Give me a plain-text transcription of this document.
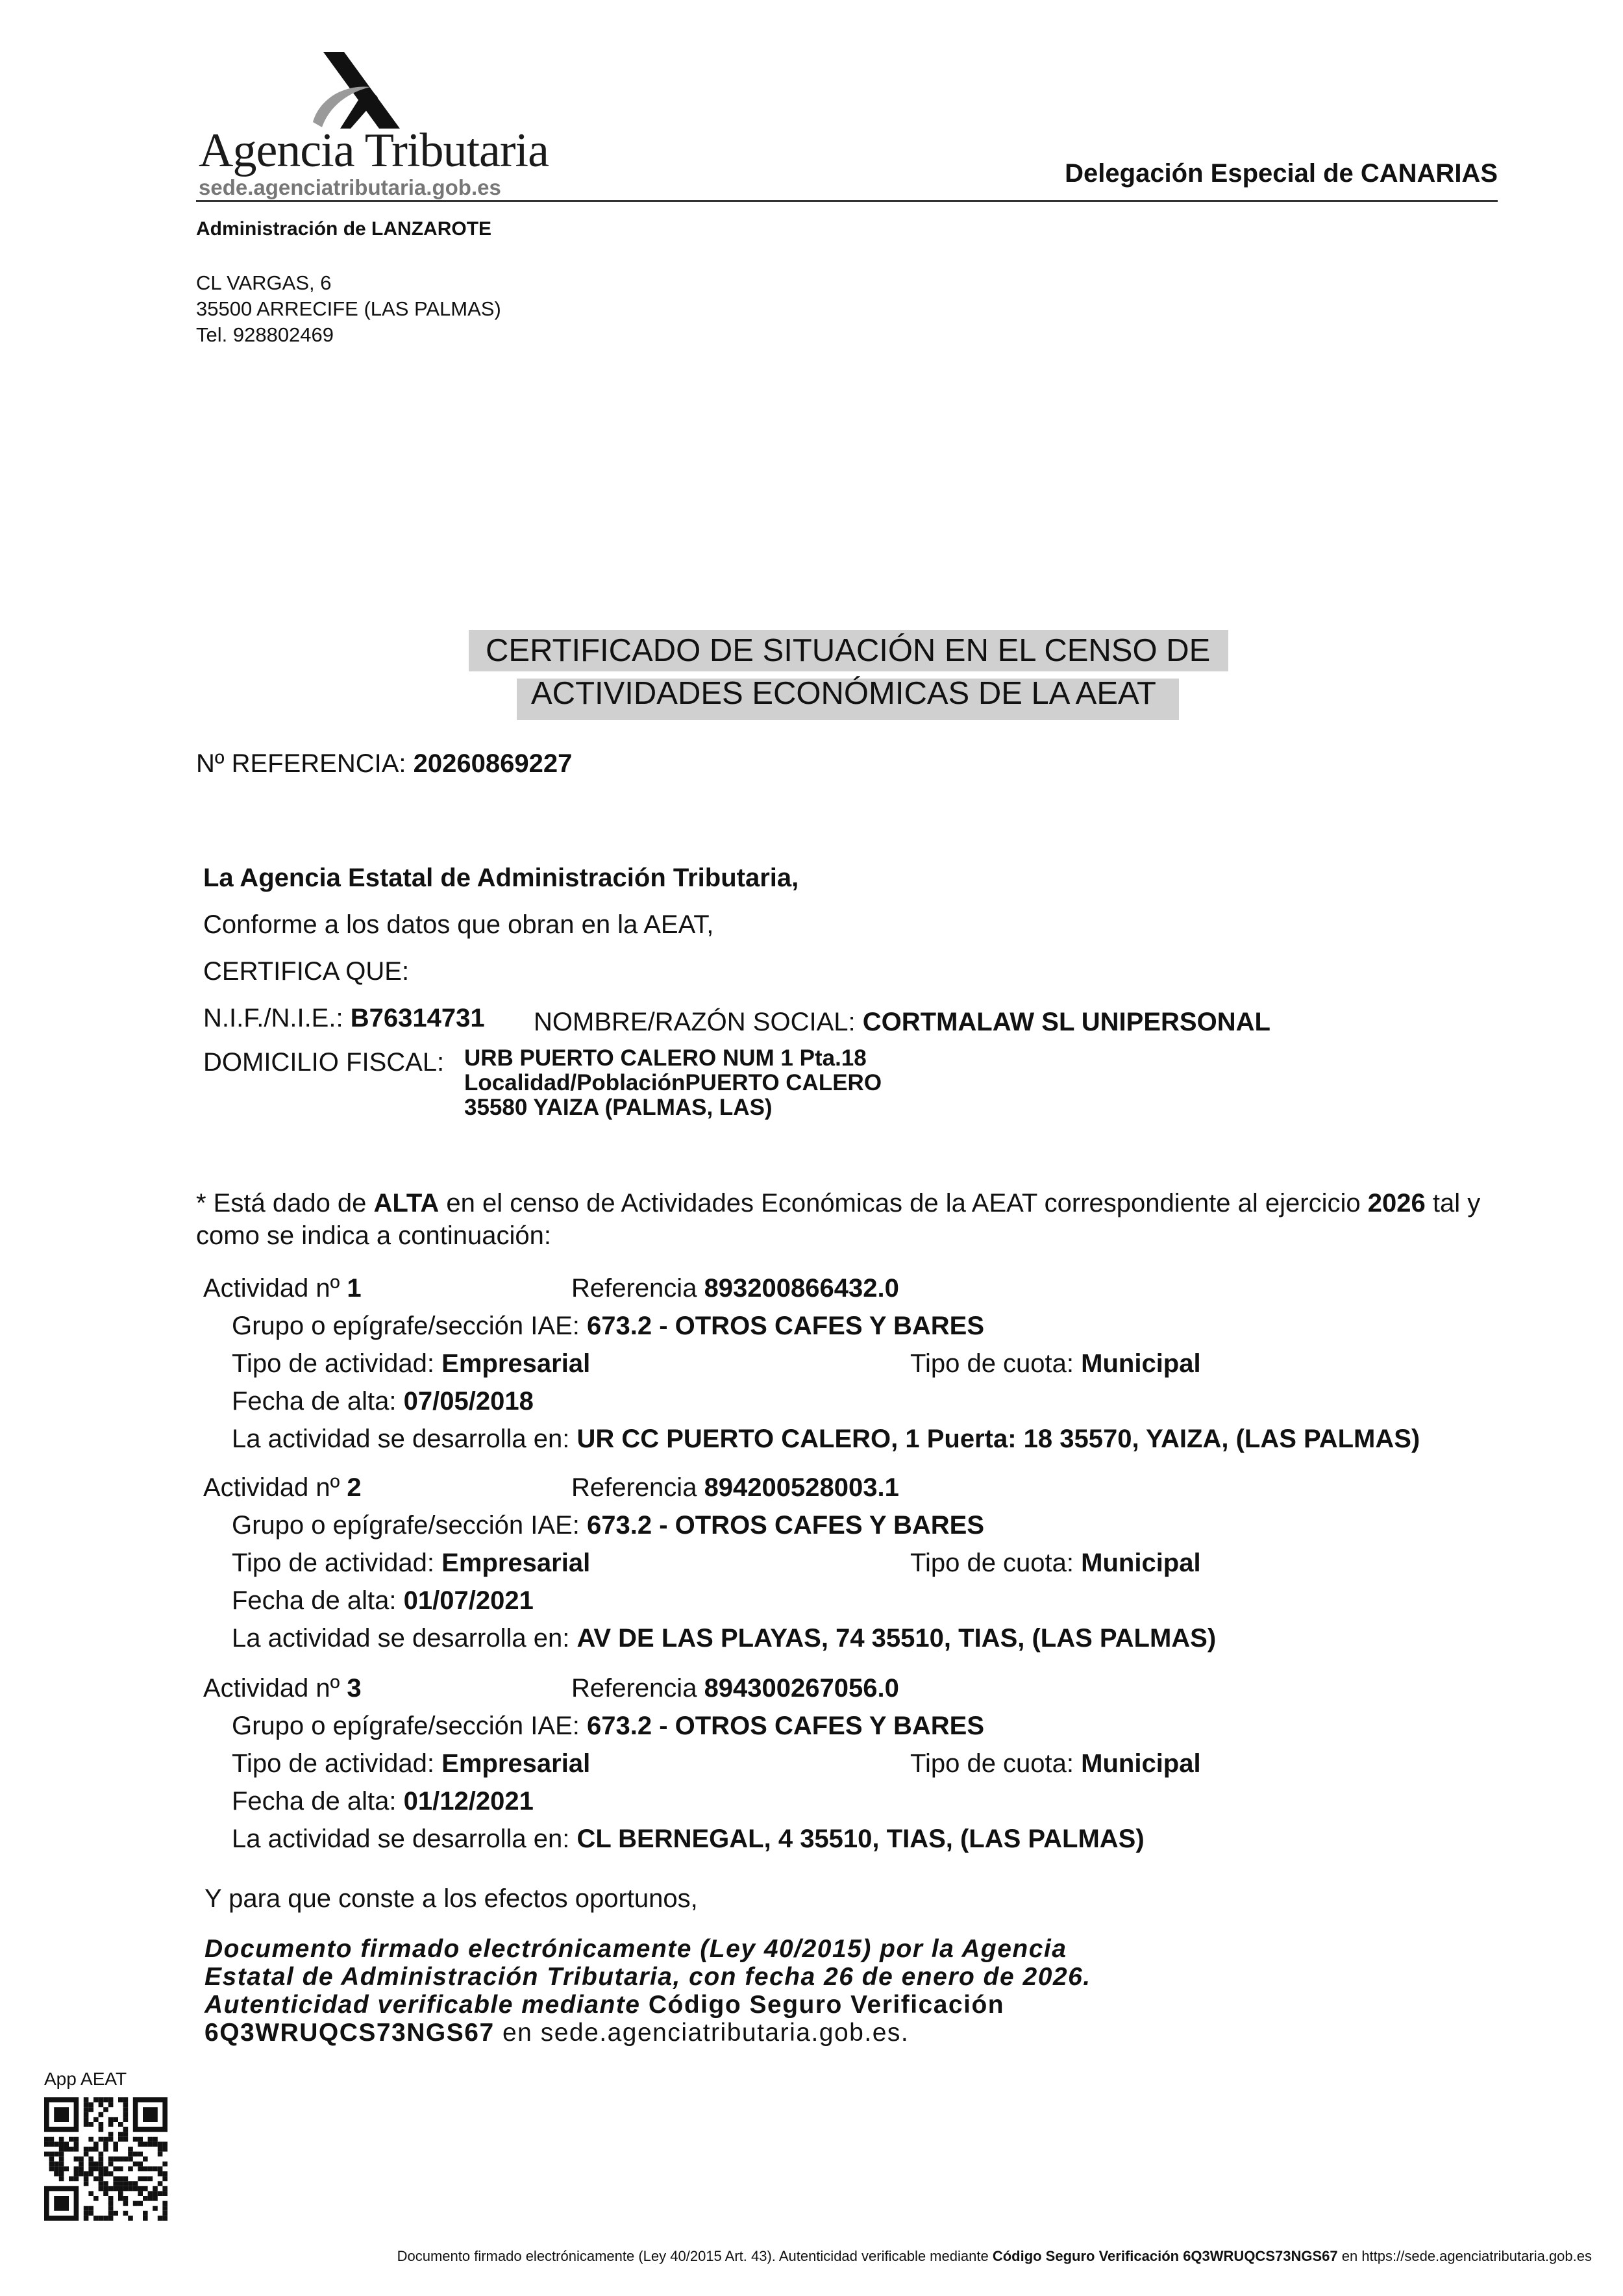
Agencia Tributaria
sede.agenciatributaria.gob.es	Delegación Especial de CANARIAS
Administración de LANZAROTE
CL VARGAS, 6
35500 ARRECIFE (LAS PALMAS)
Tel. 928802469
CERTIFICADO DE SITUACIÓN EN EL CENSO DE
ACTIVIDADES ECONÓMICAS DE LA AEAT
Nº REFERENCIA: 20260869227
La Agencia Estatal de Administración Tributaria,
Conforme a los datos que obran en la AEAT,
CERTIFICA QUE:
N.I.F./N.I.E.: B76314731 NOMBRE/RAZÓN SOCIAL: CORTMALAW SL UNIPERSONAL
DOMICILIO FISCAL: URB PUERTO CALERO NUM 1 Pta.18
Localidad/PoblaciónPUERTO CALERO
35580 YAIZA (PALMAS, LAS)
* Está dado de ALTA en el censo de Actividades Económicas de la AEAT correspondiente al ejercicio 2026 tal y como se indica a continuación:
Actividad nº 1	Referencia 893200866432.0
Grupo o epígrafe/sección IAE: 673.2 - OTROS CAFES Y BARES
Tipo de actividad: Empresarial	Tipo de cuota: Municipal
Fecha de alta: 07/05/2018
La actividad se desarrolla en: UR CC PUERTO CALERO, 1 Puerta: 18 35570, YAIZA, (LAS PALMAS)
Actividad nº 2	Referencia 894200528003.1
Grupo o epígrafe/sección IAE: 673.2 - OTROS CAFES Y BARES
Tipo de actividad: Empresarial	Tipo de cuota: Municipal
Fecha de alta: 01/07/2021
La actividad se desarrolla en: AV DE LAS PLAYAS, 74 35510, TIAS, (LAS PALMAS)
Actividad nº 3	Referencia 894300267056.0
Grupo o epígrafe/sección IAE: 673.2 - OTROS CAFES Y BARES
Tipo de actividad: Empresarial	Tipo de cuota: Municipal
Fecha de alta: 01/12/2021
La actividad se desarrolla en: CL BERNEGAL, 4 35510, TIAS, (LAS PALMAS)
Y para que conste a los efectos oportunos,
Documento firmado electrónicamente (Ley 40/2015) por la Agencia
Estatal de Administración Tributaria, con fecha 26 de enero de 2026.
Autenticidad verificable mediante Código Seguro Verificación
6Q3WRUQCS73NGS67 en sede.agenciatributaria.gob.es.
App AEAT
Documento firmado electrónicamente (Ley 40/2015 Art. 43). Autenticidad verificable mediante Código Seguro Verificación 6Q3WRUQCS73NGS67 en https://sede.agenciatributaria.gob.es
